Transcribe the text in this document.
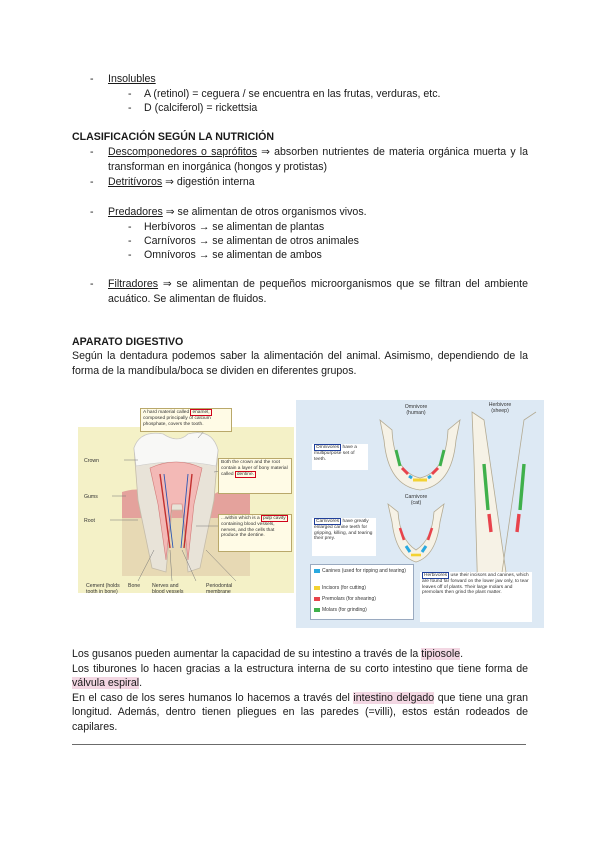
- Insolubles
- A (retinol) = ceguera / se encuentra en las frutas, verduras, etc.
- D (calciferol) = rickettsia
CLASIFICACIÓN SEGÚN LA NUTRICIÓN
- Descomponedores o saprófitos ⇒ absorben nutrientes de materia orgánica muerta y la transforman en inorgánica (hongos y protistas)
- Detritívoros ⇒ digestión interna
- Predadores ⇒ se alimentan de otros organismos vivos.
- Herbívoros → se alimentan de plantas
- Carnívoros → se alimentan de otros animales
- Omnívoros → se alimentan de ambos
- Filtradores ⇒ se alimentan de pequeños microorganismos que se filtran del ambiente acuático. Se alimentan de fluidos.
APARATO DIGESTIVO
Según la dentadura podemos saber la alimentación del animal. Asimismo, dependiendo de la forma de la mandíbula/boca se dividen en diferentes grupos.
A hard material called enamel, composed principally of calcium phosphate, covers the tooth.
Both the crown and the root contain a layer of bony material called dentine.
...within which is a pulp cavity containing blood vessels, nerves, and the cells that produce the dentine.
Crown
Gums
Root
Cement (holds tooth in bone)
Bone Nerves and blood vessels
Periodontal membrane
Omnivore (human)
Herbivore (sheep)
Carnivore (cat)
Omnivores have a multipurpose set of teeth.
Carnivores have greatly enlarged canine teeth for gripping, killing, and tearing their prey.
Herbivores use their incisors and canines, which are found far forward on the lower jaw only, to tear leaves off of plants. Their large molars and premolars then grind the plant matter.
Canines (used for ripping and tearing)
Incisors (for cutting)
Premolars (for shearing)
Molars (for grinding)
Los gusanos pueden aumentar la capacidad de su intestino a través de la tipiosole.
Los tiburones lo hacen gracias a la estructura interna de su corto intestino que tiene forma de válvula espiral.
En el caso de los seres humanos lo hacemos a través del intestino delgado que tiene una gran longitud. Además, dentro tienen pliegues en las paredes (=villi), estos están rodeados de capilares.
